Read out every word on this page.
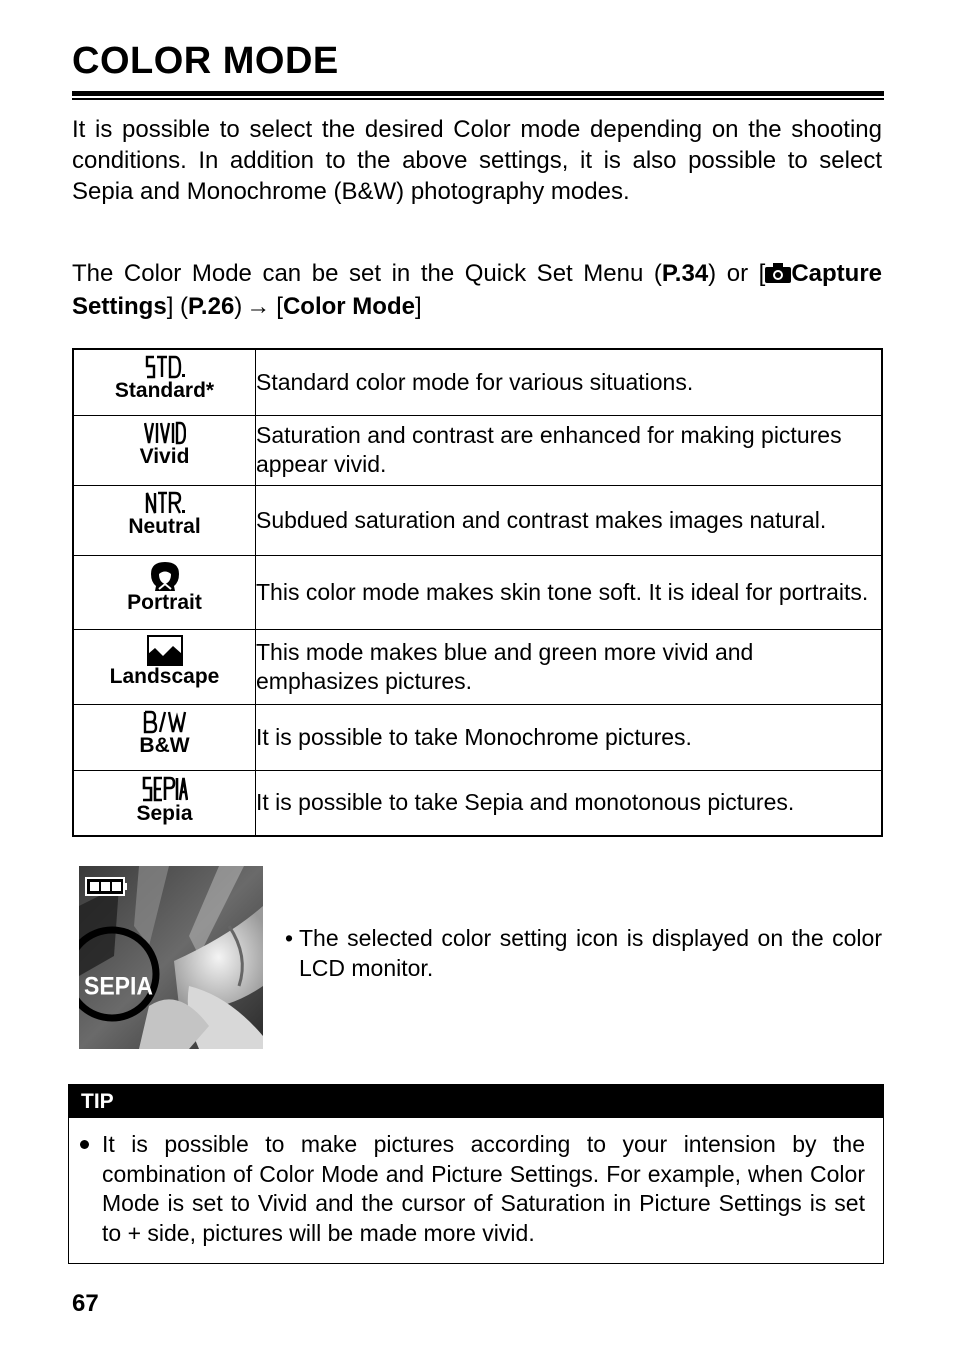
COLOR MODE

It is possible to select the desired Color mode depending on the shooting conditions. In addition to the above settings, it is also possible to select Sepia and Monochrome (B&W) photography modes.

The Color Mode can be set in the Quick Set Menu (P.34) or [ Capture Settings] (P.26) → [Color Mode]

Standard*	Standard color mode for various situations.

Vivid	Saturation and contrast are enhanced for making pictures appear vivid.

Neutral	Subdued saturation and contrast makes images natural.

Portrait	This color mode makes skin tone soft. It is ideal for portraits.

Landscape	This mode makes blue and green more vivid and emphasizes pictures.

B&W	It is possible to take Monochrome pictures.

Sepia	It is possible to take Sepia and monotonous pictures.
SEPIA
• The selected color setting icon is displayed on the color LCD monitor.
TIP
It is possible to make pictures according to your intension by the combination of Color Mode and Picture Settings. For example, when Color Mode is set to Vivid and the cursor of Saturation in Picture Settings is set to + side, pictures will be made more vivid.
67
